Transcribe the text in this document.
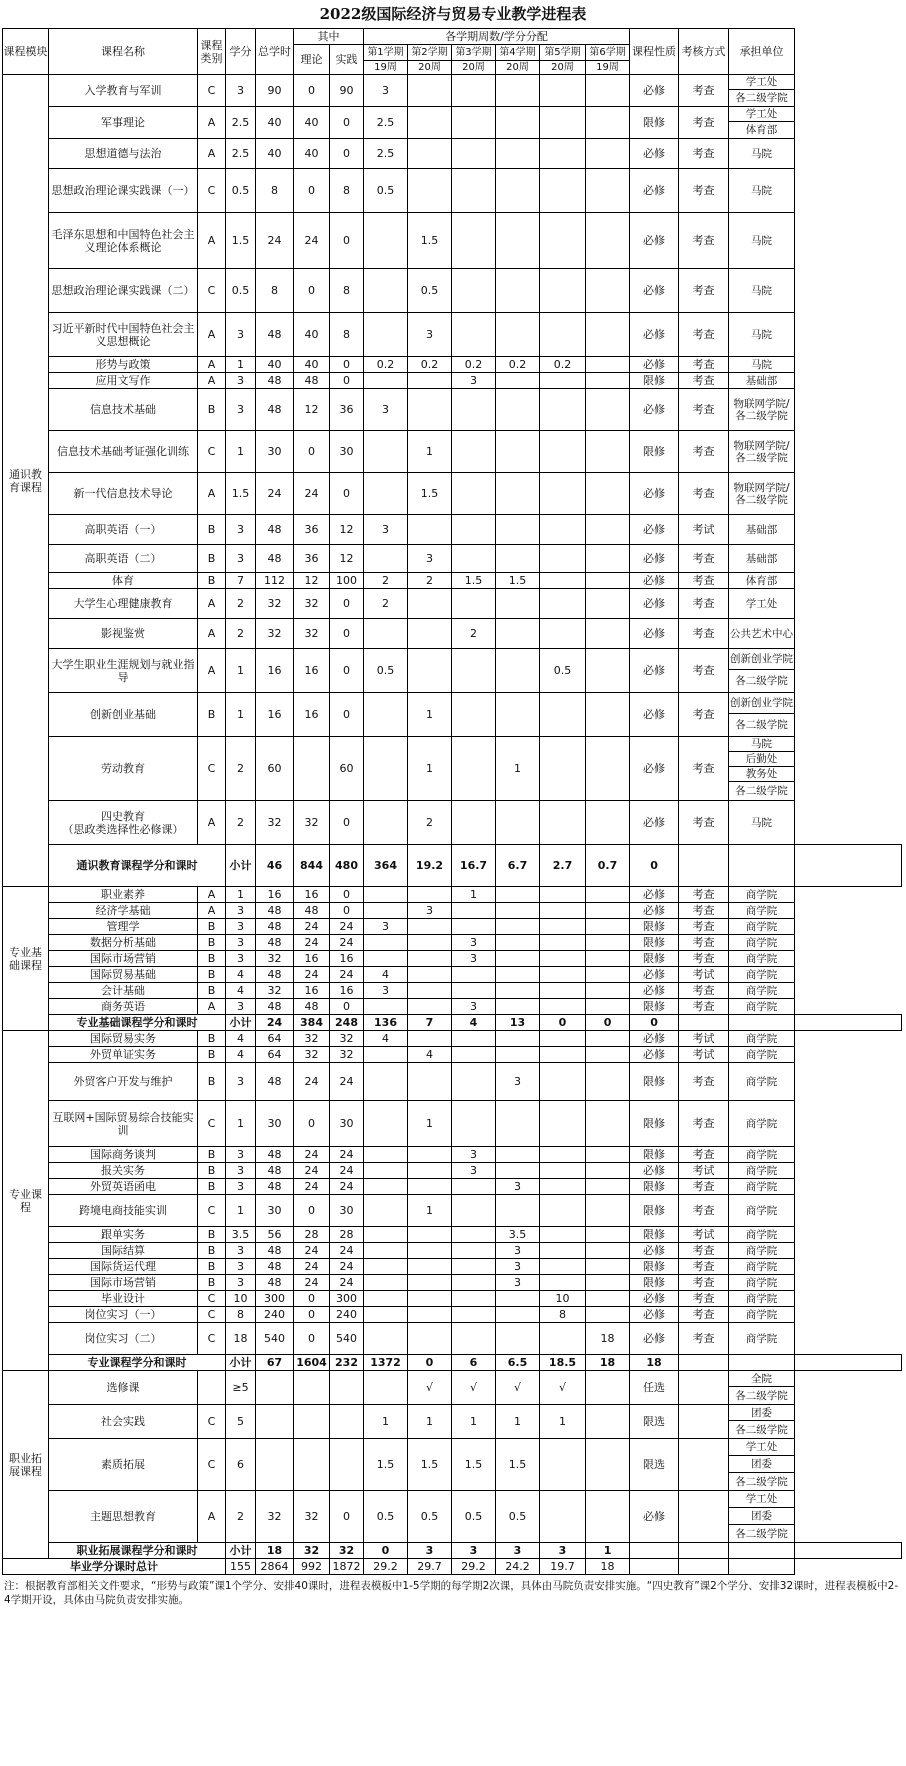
2022级国际经济与贸易专业教学进程表
课程模块	课程名称	课程类别	学分	总学时	其中		各学期周数/学分分配						课程性质	考核方式	承担单位	
					理论	实践	第1学期	第2学期	第3学期	第4学期	第5学期	第6学期				
							19周	20周	20周	20周	20周	19周				
通识教育课程	入学教育与军训	C	3	90	0	90	3						必修	考查	学工处
各二级学院	

	军事理论	A	2.5	40	40	0	2.5						限修	考查	学工处
体育部	

	思想道德与法治	A	2.5	40	40	0	2.5						必修	考查	马院	

	思想政治理论课实践课（一）	C	0.5	8	0	8	0.5						必修	考查	马院	

	毛泽东思想和中国特色社会主义理论体系概论	A	1.5	24	24	0		1.5					必修	考查	马院	

	思想政治理论课实践课（二）	C	0.5	8	0	8		0.5					必修	考查	马院	

	习近平新时代中国特色社会主义思想概论	A	3	48	40	8		3					必修	考查	马院	

	形势与政策	A	1	40	40	0	0.2	0.2	0.2	0.2	0.2		必修	考查	马院	

	应用文写作	A	3	48	48	0			3				限修	考查	基础部	

	信息技术基础	B	3	48	12	36	3						必修	考查	物联网学院/各二级学院	

	信息技术基础考证强化训练	C	1	30	0	30		1					限修	考查	物联网学院/各二级学院	

	新一代信息技术导论	A	1.5	24	24	0		1.5					必修	考查	物联网学院/各二级学院	

	高职英语（一）	B	3	48	36	12	3						必修	考试	基础部	

	高职英语（二）	B	3	48	36	12		3					必修	考查	基础部	

	体育	B	7	112	12	100	2	2	1.5	1.5			必修	考查	体育部	

	大学生心理健康教育	A	2	32	32	0	2						必修	考查	学工处	

	影视鉴赏	A	2	32	32	0			2				必修	考查	公共艺术中心	

	大学生职业生涯规划与就业指导	A	1	16	16	0	0.5				0.5		必修	考查	创新创业学院
各二级学院	

	创新创业基础	B	1	16	16	0		1					必修	考查	创新创业学院
各二级学院	

	劳动教育	C	2	60		60		1		1			必修	考查	马院
后勤处
教务处
各二级学院	

	四史教育
（思政类选择性必修课）	A	2	32	32	0		2					必修	考查	马院	

	通识教育课程学分和课时		小计	46	844	480	364	19.2	16.7	6.7	2.7	0.7	0			
专业基础课程	职业素养	A	1	16	16	0			1				必修	考查	商学院	

	经济学基础	A	3	48	48	0		3					必修	考查	商学院	

	管理学	B	3	48	24	24	3						限修	考查	商学院	

	数据分析基础	B	3	48	24	24			3				限修	考查	商学院	

	国际市场营销	B	3	32	16	16			3				限修	考查	商学院	

	国际贸易基础	B	4	48	24	24	4						必修	考试	商学院	

	会计基础	B	4	32	16	16	3						必修	考查	商学院	

	商务英语	A	3	48	48	0			3				限修	考查	商学院	

	专业基础课程学分和课时		小计	24	384	248	136	7	4	13	0	0	0			
专业课程	国际贸易实务	B	4	64	32	32	4						必修	考试	商学院	

	外贸单证实务	B	4	64	32	32		4					必修	考试	商学院	

	外贸客户开发与维护	B	3	48	24	24				3			限修	考查	商学院	

	互联网+国际贸易综合技能实训	C	1	30	0	30		1					限修	考查	商学院	

	国际商务谈判	B	3	48	24	24			3				限修	考查	商学院	

	报关实务	B	3	48	24	24			3				必修	考试	商学院	

	外贸英语函电	B	3	48	24	24				3			限修	考查	商学院	

	跨境电商技能实训	C	1	30	0	30		1					限修	考查	商学院	

	跟单实务	B	3.5	56	28	28				3.5			限修	考试	商学院	

	国际结算	B	3	48	24	24				3			必修	考查	商学院	

	国际货运代理	B	3	48	24	24				3			限修	考查	商学院	

	国际市场营销	B	3	48	24	24				3			限修	考查	商学院	

	毕业设计	C	10	300	0	300					10		必修	考查	商学院	

	岗位实习（一）	C	8	240	0	240					8		必修	考查	商学院	

	岗位实习（二）	C	18	540	0	540						18	必修	考查	商学院	

	专业课程学分和课时		小计	67	1604	232	1372	0	6	6.5	18.5	18	18			
职业拓展课程	选修课		≥5					√	√	√	√		任选		全院
各二级学院	

	社会实践	C	5				1	1	1	1	1		限选		团委
各二级学院	

	素质拓展	C	6				1.5	1.5	1.5	1.5			限选		学工处
团委
各二级学院	

	主题思想教育	A	2	32	32	0	0.5	0.5	0.5	0.5			必修		学工处
团委
各二级学院	

	职业拓展课程学分和课时		小计	18	32	32	0	3	3	3	3	1				
毕业学分课时总计			155	2864	992	1872	29.2	29.7	29.2	24.2	19.7	18				
注：根据教育部相关文件要求，“形势与政策”课1个学分、安排40课时，进程表模板中1-5学期的每学期2次课，具体由马院负责安排实施。“四史教育”课2个学分、安排32课时，进程表模板中2-4学期开设，具体由马院负责安排实施。
